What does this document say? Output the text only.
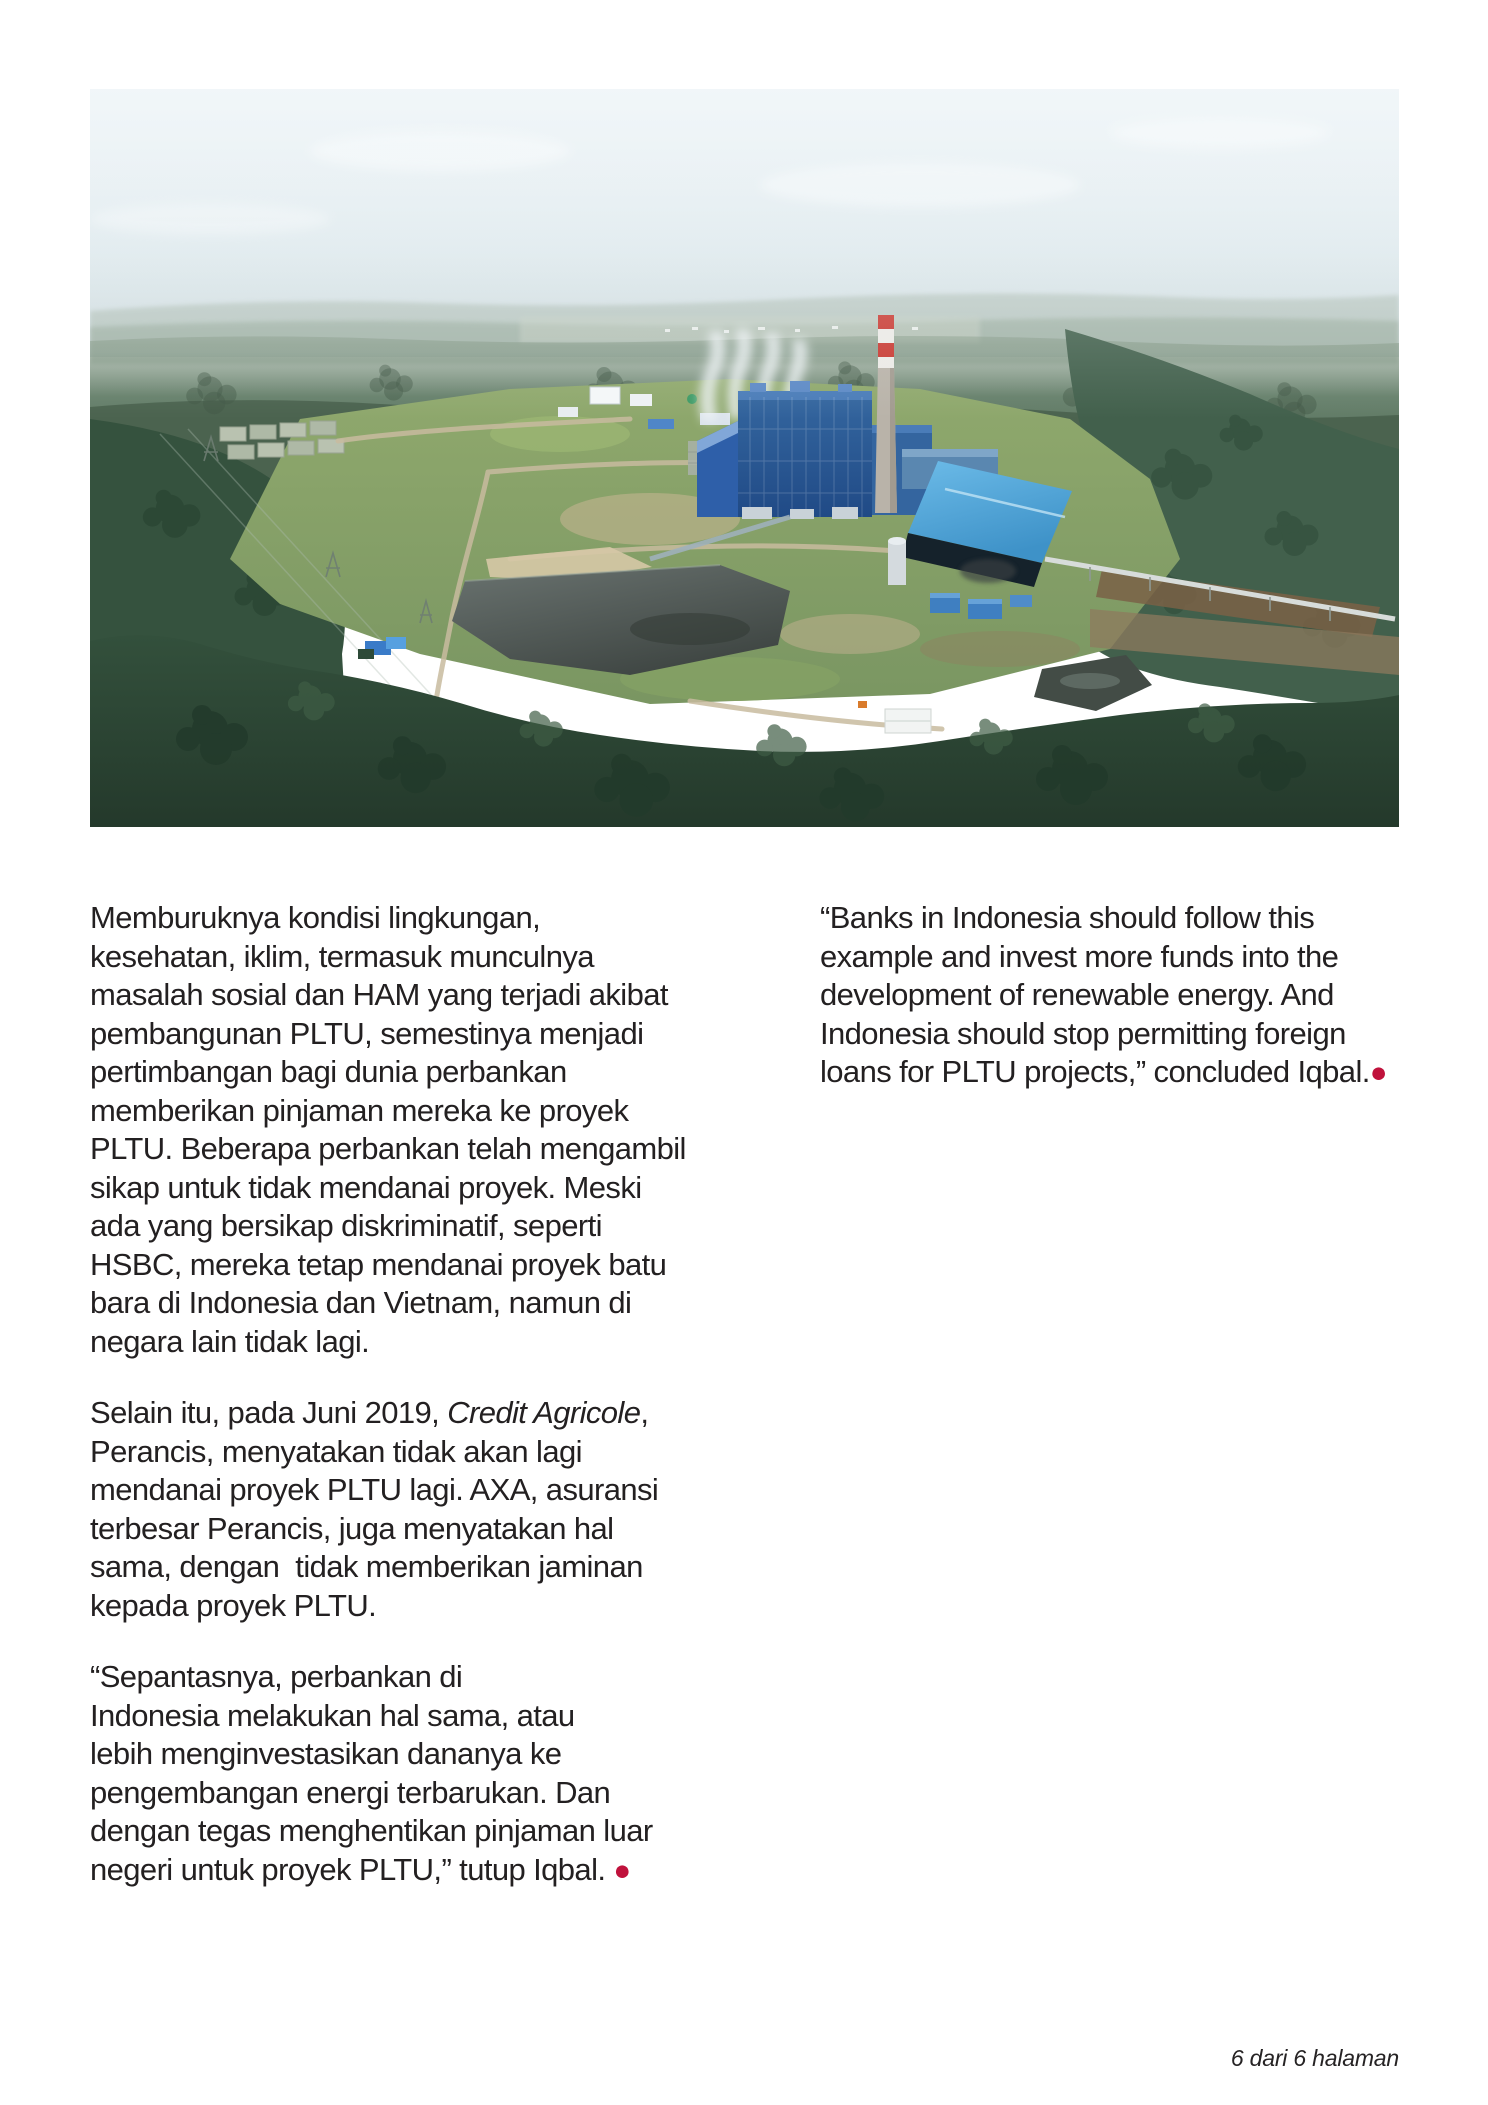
Memburuknya kondisi lingkungan,
kesehatan, iklim, termasuk munculnya
masalah sosial dan HAM yang terjadi akibat
pembangunan PLTU, semestinya menjadi
pertimbangan bagi dunia perbankan
memberikan pinjaman mereka ke proyek
PLTU. Beberapa perbankan telah mengambil
sikap untuk tidak mendanai proyek. Meski
ada yang bersikap diskriminatif, seperti
HSBC, mereka tetap mendanai proyek batu
bara di Indonesia dan Vietnam, namun di
negara lain tidak lagi.
Selain itu, pada Juni 2019, Credit Agricole,
Perancis, menyatakan tidak akan lagi
mendanai proyek PLTU lagi. AXA, asuransi
terbesar Perancis, juga menyatakan hal
sama, dengan  tidak memberikan jaminan
kepada proyek PLTU.
“Sepantasnya, perbankan di
Indonesia melakukan hal sama, atau
lebih menginvestasikan dananya ke
pengembangan energi terbarukan. Dan
dengan tegas menghentikan pinjaman luar
negeri untuk proyek PLTU,” tutup Iqbal. ●
“Banks in Indonesia should follow this
example and invest more funds into the
development of renewable energy. And
Indonesia should stop permitting foreign
loans for PLTU projects,” concluded Iqbal.●
6 dari 6 halaman
